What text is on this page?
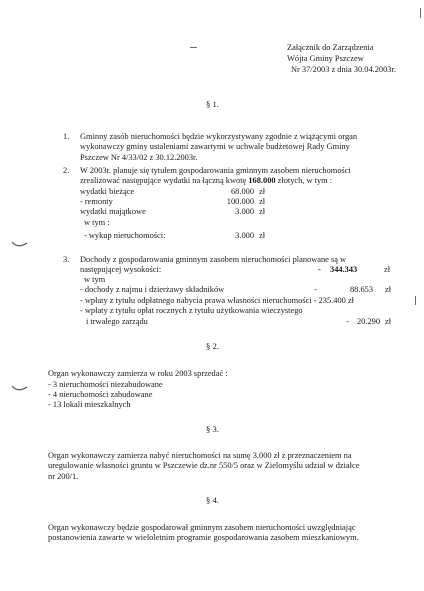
Załącznik do Zarządzenia
Wójta Gminy Pszczew
Nr 37/2003 z dnia 30.04.2003r.
§ 1.
1. Gminny zasób nieruchomości będzie wykorzystywany zgodnie z wiążącymi organ
wykonawczy gminy ustaleniami zawartymi w uchwale budżetowej Rady Gminy
Pszczew Nr 4/33/02 z 30.12.2003r.
2. W 2003r. planuje się tytułem gospodarowania gminnym zasobem nieruchomości
zrealizować następujące wydatki na łączną kwotę 168.000 złotych, w tym :
wydatki bieżące	68.000 zł
- remonty	100.000 zł
wydatki majątkowe	3.000 zł
w tym :
- wykup nieruchomości:	3.000 zł
3. Dochody z gospodarowania gminnym zasobem nieruchomości planowane są w
następującej wysokości:	- 344.343	zł
w tym
- dochody z najmu i dzierżawy składników	-	88.653 zł
- wpłaty z tytułu odpłatnego nabycia prawa własności nieruchomości - 235.400 zł
- wpłaty z tytułu opłat rocznych z tytułu użytkowania wieczystego
i trwałego zarządu	- 20.290 zł
§ 2.
Organ wykonawczy zamierza w roku 2003 sprzedać :
- 3 nieruchomości niezabudowane
- 4 nieruchomości zabudowane
- 13 lokali mieszkalnych
§ 3.
Organ wykonawczy zamierza nabyć nieruchomości na sumę 3.000 zł z przeznaczeniem na
uregulowanie własności gruntu w Pszczewie dz.nr 550/5 oraz w Zielomyślu udział w działce
nr 200/1.
§ 4.
Organ wykonawczy będzie gospodarował gminnym zasobem nieruchomości uwzględniając
postanowienia zawarte w wieloletnim programie gospodarowania zasobem mieszkaniowym.
